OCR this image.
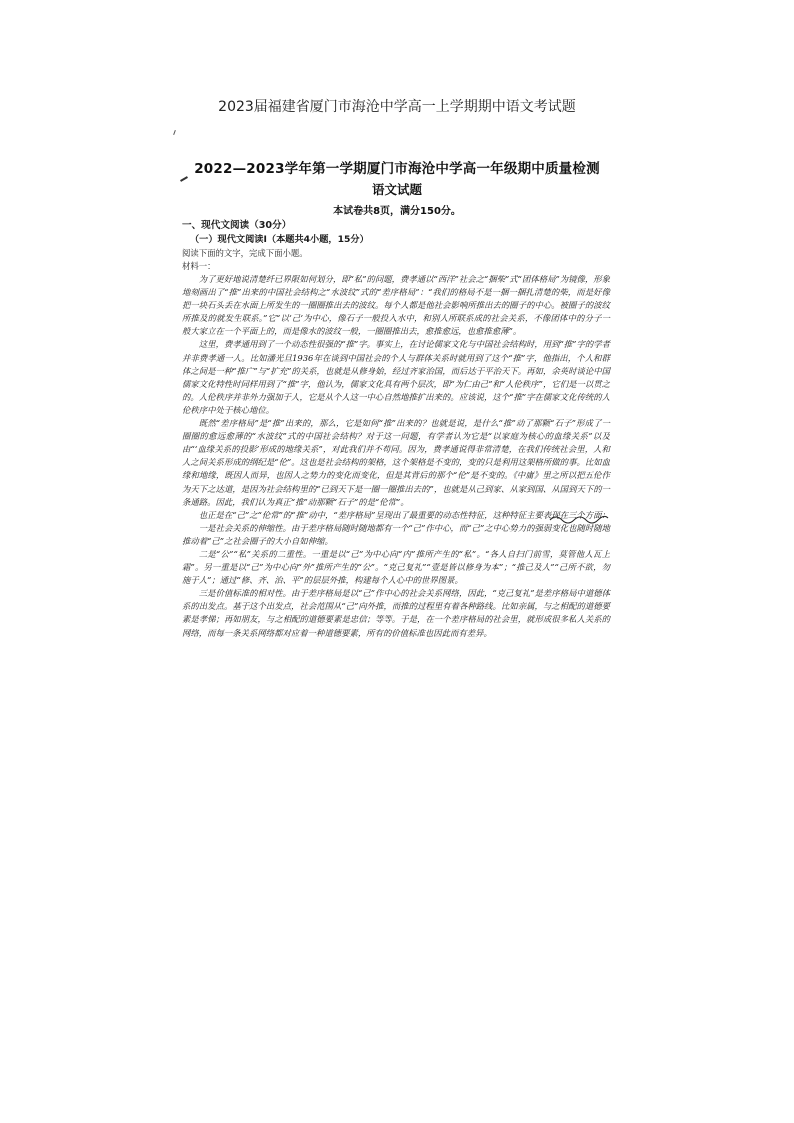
2023届福建省厦门市海沧中学高一上学期期中语文考试题
2022—2023学年第一学期厦门市海沧中学高一年级期中质量检测
语文试题
本试卷共8页，满分150分。
一、现代文阅读（30分）
（一）现代文阅读Ⅰ（本题共4小题，15分）
阅读下面的文字，完成下面小题。
材料一：

为了更好地说清楚纤已界限如何划分，即“私”的问题，费孝通以“西洋”社会之“捆柴”式“团体格局”为镜像，形象地刻画出了“推”出来的中国社会结构之“水波纹”式的“差序格局”：“我们的格局不是一捆一捆扎清楚的柴，而是好像把一块石头丢在水面上所发生的一圈圈推出去的波纹。每个人都是他社会影响所推出去的圈子的中心。被圈子的波纹所推及的就发生联系。”它“以‘己’为中心，像石子一般投入水中，和别人所联系成的社会关系，不像团体中的分子一般大家立在一个平面上的，而是像水的波纹一般，一圈圈推出去，愈推愈远，也愈推愈薄”。

这里，费孝通用到了一个动态性很强的“推”字。事实上，在讨论儒家文化与中国社会结构时，用到“推”字的学者并非费孝通一人。比如潘光旦1936年在谈到中国社会的个人与群体关系时就用到了这个“推”字，他指出，个人和群体之间是一种“推广”与“扩充”的关系，也就是从修身始，经过齐家治国，而后达于平治天下。再如，余英时谈论中国儒家文化特性时同样用到了“推”字，他认为，儒家文化具有两个层次，即“为仁由己”和“人伦秩序”，它们是一以贯之的。人伦秩序并非外力强加于人，它是从个人这一中心自然地推扩出来的。应该说，这个“推”字在儒家文化传统的人伦秩序中处于核心地位。

既然“差序格局”是“推”出来的，那么，它是如何“推”出来的？也就是说，是什么“推”动了那颗“石子”形成了一圈圈的愈远愈薄的“水波纹”式的中国社会结构？对于这一问题，有学者认为它是“以家庭为核心的血缘关系”以及由“‘血缘关系的投影’形成的地缘关系”，对此我们并不苟同。因为，费孝通说得非常清楚，在我们传统社会里，人和人之间关系形成的纲纪是“伦”。这也是社会结构的架格，这个架格是不变的，变的只是利用这架格所做的事。比如血缘和地缘，既因人而异，也因人之势力的变化而变化，但是其背后的那个“伦”是不变的。《中庸》里之所以把五伦作为天下之达道，是因为社会结构里的“已到天下是一圈一圈推出去的”，也就是从己到家、从家到国、从国到天下的一条通路。因此，我们认为真正“推”动那颗“石子”的是“伦常”。

也正是在“己”之“伦常”的“推”动中，“差序格局”呈现出了最重要的动态性特征，这种特征主要表现在三个方面：

一是社会关系的伸缩性。由于差序格局随时随地都有一个“己”作中心，而“己”之中心势力的强弱变化也随时随地推动着“己”之社会圈子的大小自如伸缩。

二是“公”“私”关系的二重性。一重是以“己”为中心向“内”推所产生的“私”。“各人自扫门前雪，莫管他人瓦上霜”。另一重是以“己”为中心向“外”推所产生的“公”。“克己复礼”“壹是皆以修身为本”；“推己及人”“己所不欲，勿施于人”；通过“修、齐、治、平”的层层外推，构建每个人心中的世界图景。

三是价值标准的相对性。由于差序格局是以“己”作中心的社会关系网络，因此，“克己复礼”是差序格局中道德体系的出发点。基于这个出发点，社会范围从“己”向外推，而推的过程里有着各种路线。比如亲属，与之相配的道德要素是孝悌；再如朋友，与之相配的道德要素是忠信；等等。于是，在一个差序格局的社会里，就形成很多私人关系的网络，而每一条关系网络都对应着一种道德要素，所有的价值标准也因此而有差异。
